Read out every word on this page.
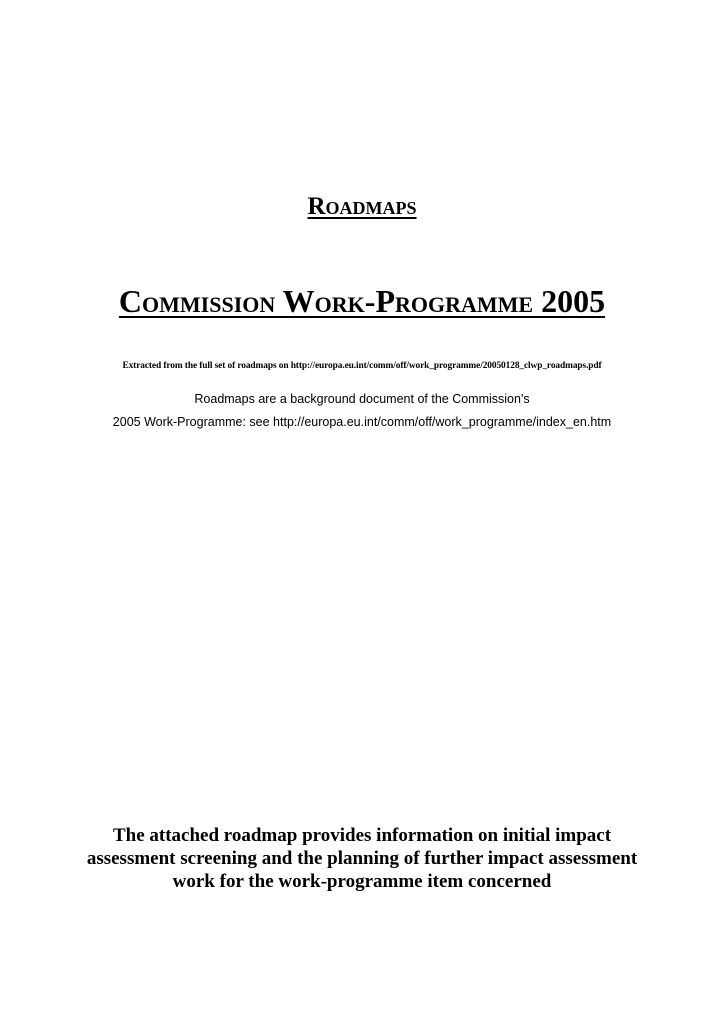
Roadmaps
Commission Work-Programme 2005
Extracted from the full set of roadmaps on http://europa.eu.int/comm/off/work_programme/20050128_clwp_roadmaps.pdf
Roadmaps are a background document of the Commission's
2005 Work-Programme: see http://europa.eu.int/comm/off/work_programme/index_en.htm
The attached roadmap provides information on initial impact
assessment screening and the planning of further impact assessment
work for the work-programme item concerned
